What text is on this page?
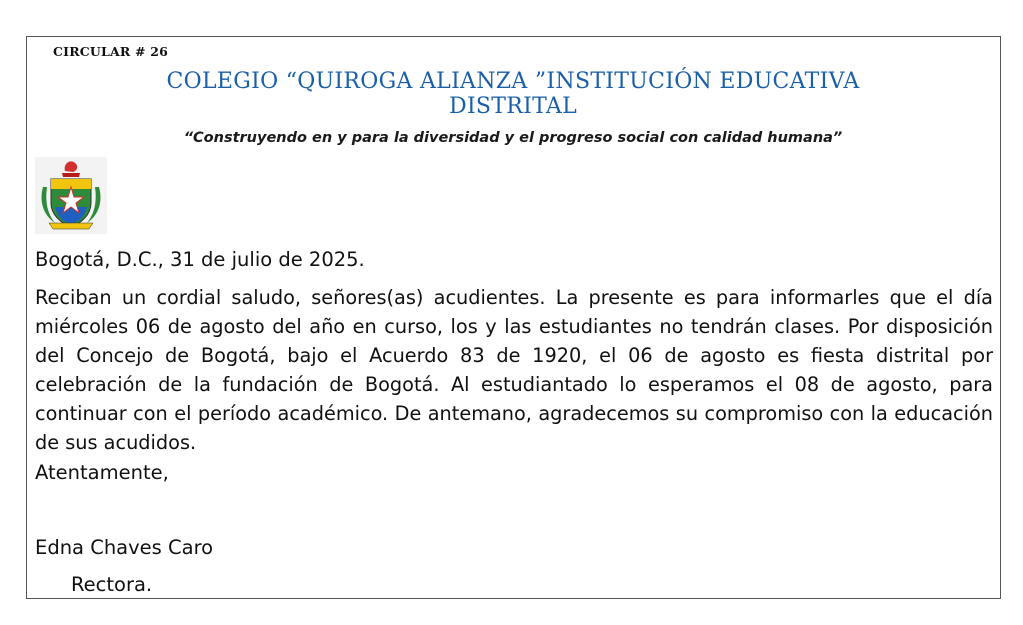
CIRCULAR # 26
COLEGIO “QUIROGA ALIANZA ”INSTITUCIÓN EDUCATIVA
DISTRITAL
“Construyendo en y para la diversidad y el progreso social con calidad humana”
Bogotá, D.C., 31 de julio de 2025.
Reciban un cordial saludo, señores(as) acudientes. La presente es para informarles que el día miércoles 06 de agosto del año en curso, los y las estudiantes no tendrán clases. Por disposición del Concejo de Bogotá, bajo el Acuerdo 83 de 1920, el 06 de agosto es fiesta distrital por celebración de la fundación de Bogotá. Al estudiantado lo esperamos el 08 de agosto, para continuar con el período académico. De antemano, agradecemos su compromiso con la educación de sus acudidos.
Atentamente,
Edna Chaves Caro
Rectora.
